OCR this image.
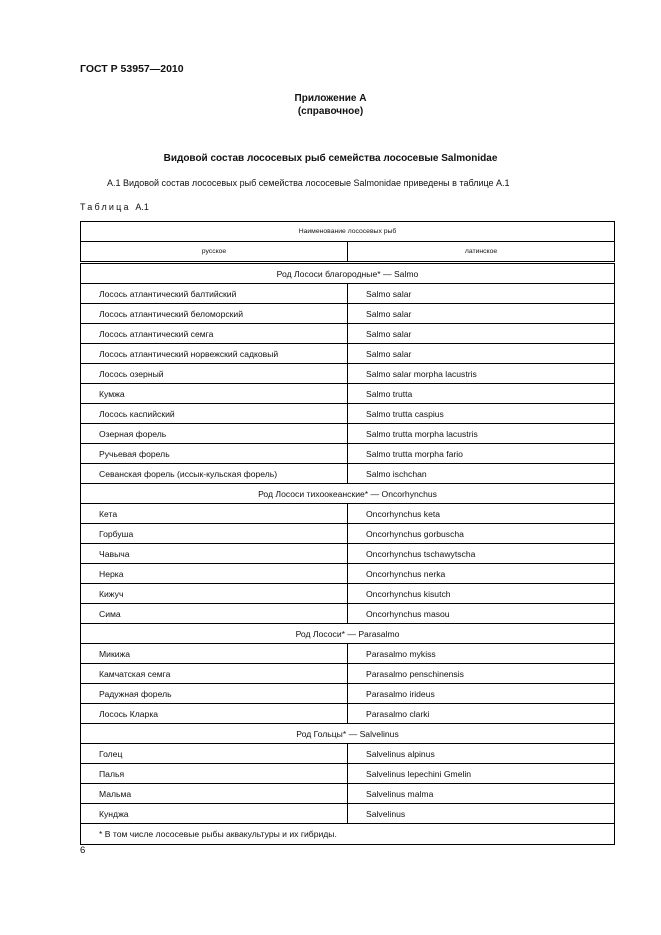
ГОСТ Р 53957—2010
Приложение А
(справочное)
Видовой состав лососевых рыб семейства лососевые Salmonidae
А.1 Видовой состав лососевых рыб семейства лососевые Salmonidae приведены в таблице А.1
Таблица А.1
Наименование лососевых рыб	
русское	латинское
Род Лососи благородные* — Salmo	
Лосось атлантический балтийский	Salmo salar
Лосось атлантический беломорский	Salmo salar
Лосось атлантический семга	Salmo salar
Лосось атлантический норвежский садковый	Salmo salar
Лосось озерный	Salmo salar morpha lacustris
Кумжа	Salmo trutta
Лосось каспийский	Salmo trutta caspius
Озерная форель	Salmo trutta morpha lacustris
Ручьевая форель	Salmo trutta morpha fario
Севанская форель (иссык-кульская форель)	Salmo ischchan
Род Лососи тихоокеанские* — Oncorhynchus	
Кета	Oncorhynchus keta
Горбуша	Oncorhynchus gorbuscha
Чавыча	Oncorhynchus tschawytscha
Нерка	Oncorhynchus nerka
Кижуч	Oncorhynchus kisutch
Сима	Oncorhynchus masou
Род Лососи* — Parasalmo	
Микижа	Parasalmo mykiss
Камчатская семга	Parasalmo penschinensis
Радужная форель	Parasalmo irideus
Лосось Кларка	Parasalmo clarki
Род Гольцы* — Salvelinus	
Голец	Salvelinus alpinus
Палья	Salvelinus lepechini Gmelin
Мальма	Salvelinus malma
Кунджа	Salvelinus
* В том числе лососевые рыбы аквакультуры и их гибриды.	
6
